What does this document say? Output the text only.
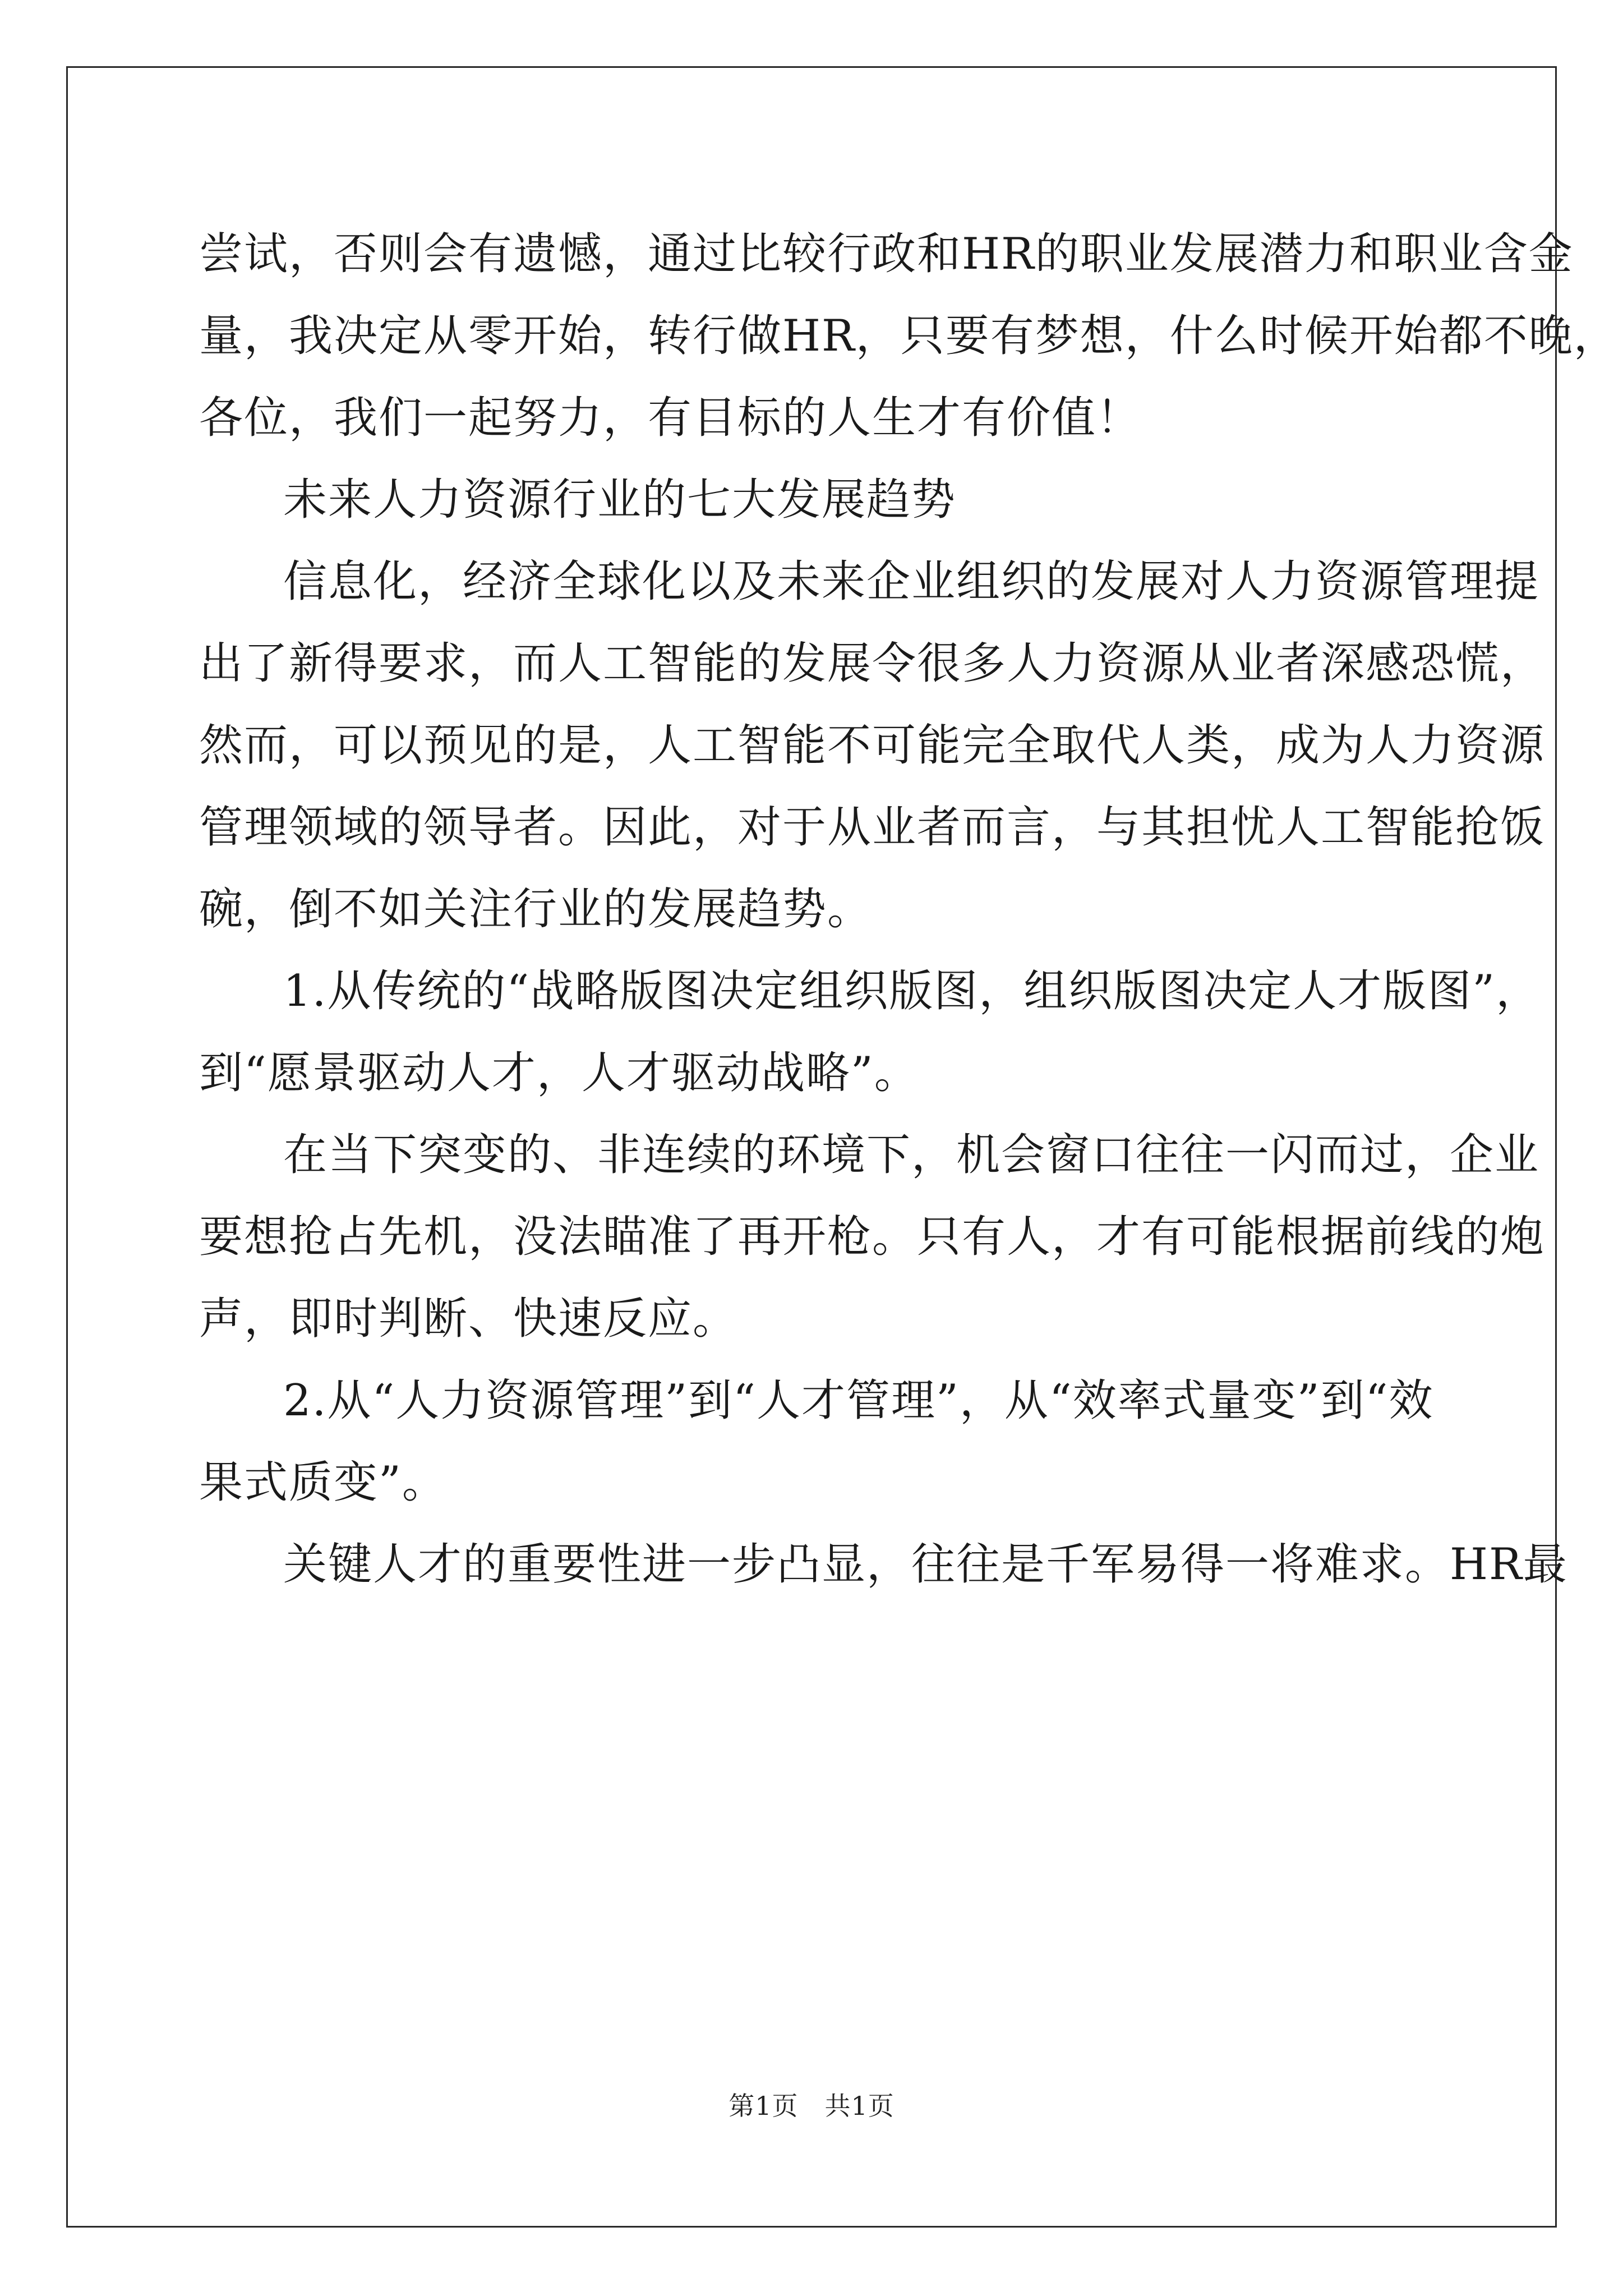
尝试，否则会有遗憾，通过比较行政和HR的职业发展潜力和职业含金
量，我决定从零开始，转行做HR，只要有梦想，什么时候开始都不晚，
各位，我们一起努力，有目标的人生才有价值！
未来人力资源行业的七大发展趋势
信息化，经济全球化以及未来企业组织的发展对人力资源管理提
出了新得要求，而人工智能的发展令很多人力资源从业者深感恐慌，
然而，可以预见的是，人工智能不可能完全取代人类，成为人力资源
管理领域的领导者。因此，对于从业者而言，与其担忧人工智能抢饭
碗，倒不如关注行业的发展趋势。
1.从传统的“战略版图决定组织版图，组织版图决定人才版图”，
到“愿景驱动人才，人才驱动战略”。
在当下突变的、非连续的环境下，机会窗口往往一闪而过，企业
要想抢占先机，没法瞄准了再开枪。只有人，才有可能根据前线的炮
声，即时判断、快速反应。
2.从“人力资源管理”到“人才管理”，从“效率式量变”到“效
果式质变”。
关键人才的重要性进一步凸显，往往是千军易得一将难求。HR最
第1页　共1页
